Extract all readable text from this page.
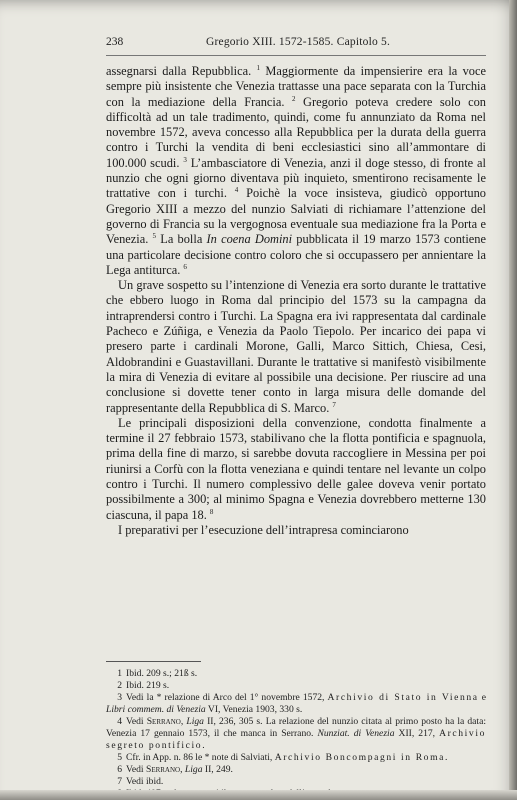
238	Gregorio XIII. 1572-1585. Capitolo 5.

assegnarsi dalla Repubblica. $^1$ Maggiormente da impensierire era la voce sempre più insistente che Venezia trattasse una pace separata con la Turchia con la mediazione della Francia. $^2$ Gregorio poteva credere solo con difficoltà ad un tale tradimento, quindi, come fu annunziato da Roma nel novembre 1572, aveva concesso alla Repubblica per la durata della guerra contro i Turchi la vendita di beni ecclesiastici sino all’ammontare di 100.000 scudi. $^3$ L’ambasciatore di Venezia, anzi il doge stesso, di fronte al nunzio che ogni giorno diventava più inquieto, smentirono recisamente le trattative con i turchi. $^4$ Poichè la voce insisteva, giudicò opportuno Gregorio XIII a mezzo del nunzio Salviati di richiamare l’attenzione del governo di Francia su la vergognosa eventuale sua mediazione fra la Porta e Venezia. $^5$ La bolla In coena Domini pubblicata il 19 marzo 1573 contiene una particolare decisione contro coloro che si occupassero per annientare la Lega antiturca. $^6$

Un grave sospetto su l’intenzione di Venezia era sorto durante le trattative che ebbero luogo in Roma dal principio del 1573 su la campagna da intraprendersi contro i Turchi. La Spagna era ivi rappresentata dal cardinale Pacheco e Zúñiga, e Venezia da Paolo Tiepolo. Per incarico dei papa vi presero parte i cardinali Morone, Galli, Marco Sittich, Chiesa, Cesi, Aldobrandini e Guastavillani. Durante le trattative si manifestò visibilmente la mira di Venezia di evitare al possibile una decisione. Per riuscire ad una conclusione si dovette tener conto in larga misura delle domande del rappresentante della Repubblica di S. Marco. $^7$

Le principali disposizioni della convenzione, condotta finalmente a termine il 27 febbraio 1573, stabilivano che la flotta pontificia e spagnuola, prima della fine di marzo, si sarebbe dovuta raccogliere in Messina per poi riunirsi a Corfù con la flotta veneziana e quindi tentare nel levante un colpo contro i Turchi. Il numero complessivo delle galee doveva venir portato possibilmente a 300; al minimo Spagna e Venezia dovrebbero metterne 130 ciascuna, il papa 18. $^8$

I preparativi per l’esecuzione dell’intrapresa cominciarono

1 Ibid. 209 s.; 21ß s.

2 Ibid. 219 s.

3 Vedi la * relazione di Arco del 1° novembre 1572, Archivio di Stato in Vienna e Libri commem. di Venezia VI, Venezia 1903, 330 s.

4 Vedi Serrano, Liga II, 236, 305 s. La relazione del nunzio citata al primo posto ha la data: Venezia 17 gennaio 1573, il che manca in Serrano. Nunziat. di Venezia XII, 217, Archivio segreto pontificio.

5 Cfr. in App. n. 86 le * note di Salviati, Archivio Boncompagni in Roma.

6 Vedi Serrano, Liga II, 249.

7 Vedi ibid.
